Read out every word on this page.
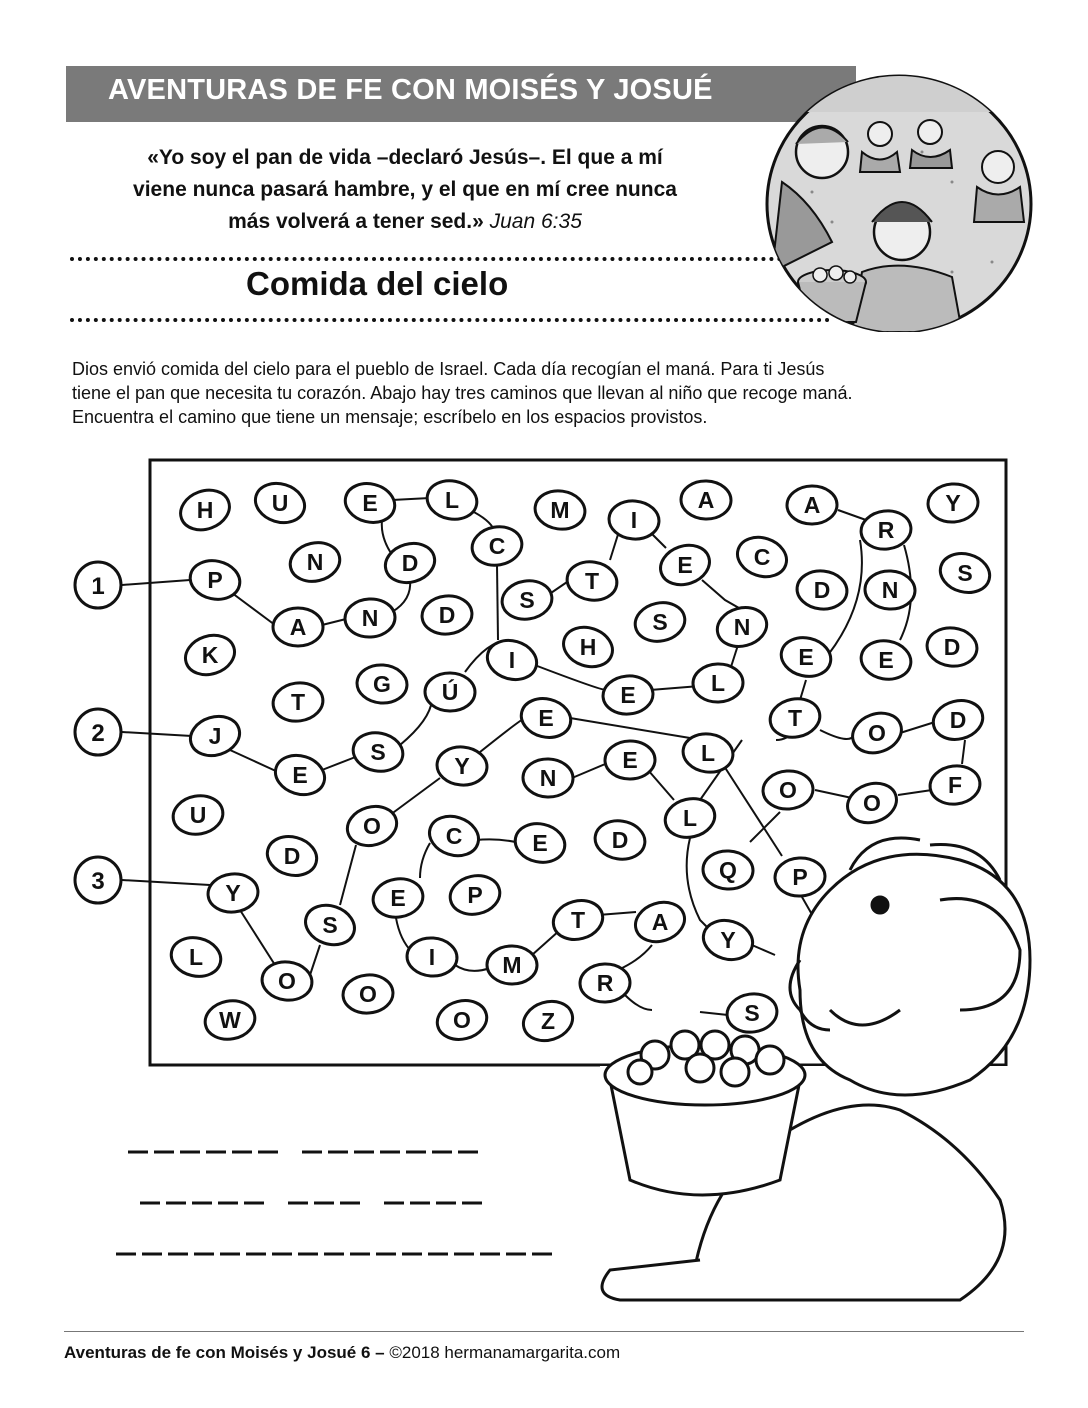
AVENTURAS DE FE CON MOISÉS Y JOSUÉ
«Yo soy el pan de vida –declaró Jesús–. El que a mí
viene nunca pasará hambre, y el que en mí cree nunca
más volverá a tener sed.» Juan 6:35
Comida del cielo
Dios envió comida del cielo para el pueblo de Israel. Cada día recogían el maná. Para ti Jesús
tiene el pan que necesita tu corazón. Abajo hay tres caminos que llevan al niño que recoge maná.
Encuentra el camino que tiene un mensaje; escríbelo en los espacios provistos.
H	U	E	L	M	I
A	A	Y
R
C
N	D	E	C
S
P	T	D N
A N	D
S
S	N
K	H
I	E	E D
G Ú	L
E
T
T	D
J	O
E
E
S	L
Y	N
E
O	F
U	L
O
O
C
D	E	D
Q P
Y	E	P
T	A
S
Y
L
O
I	M
R
O
S
W	O	Z
1
2
3
Aventuras de fe con Moisés y Josué 6 – ©2018 hermanamargarita.com
